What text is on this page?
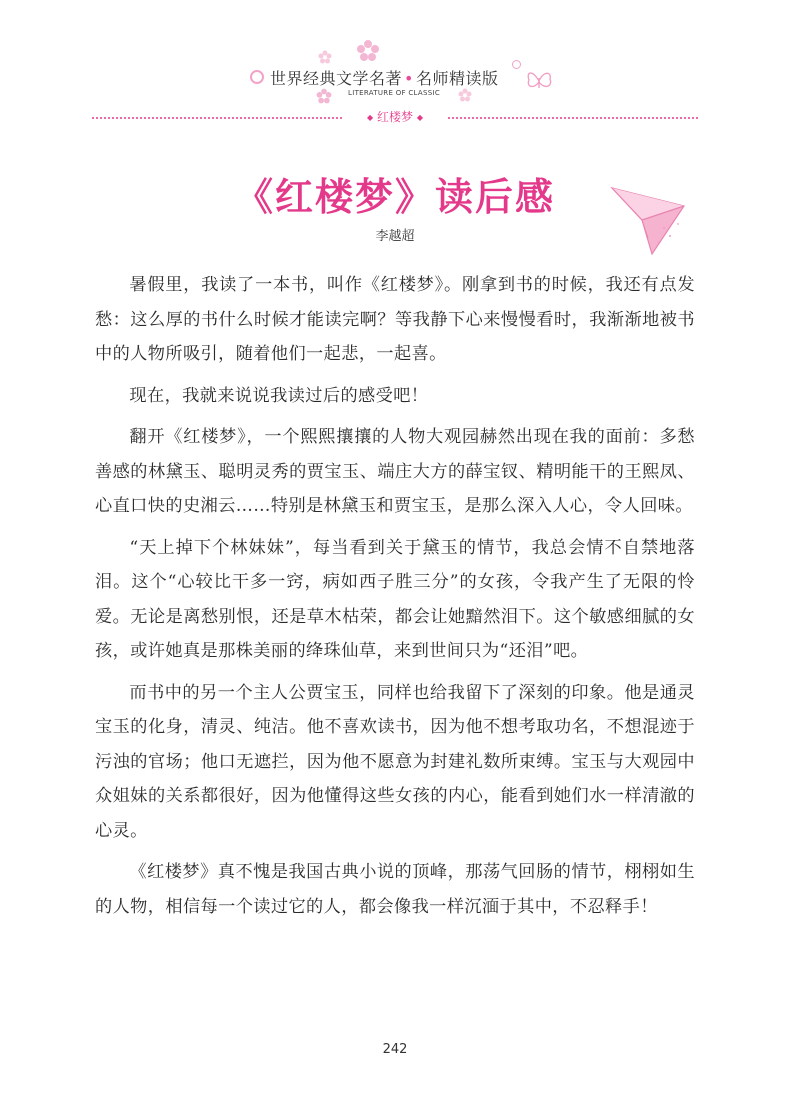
世界经典文学名著 • 名师精读版
LITERATURE OF CLASSIC
◆ 红楼梦 ◆
《红楼梦》读后感
李越超

暑假里，我读了一本书，叫作《红楼梦》。刚拿到书的时候，我还有点发愁：这么厚的书什么时候才能读完啊？等我静下心来慢慢看时，我渐渐地被书中的人物所吸引，随着他们一起悲，一起喜。

现在，我就来说说我读过后的感受吧！

翻开《红楼梦》，一个熙熙攘攘的人物大观园赫然出现在我的面前：多愁善感的林黛玉、聪明灵秀的贾宝玉、端庄大方的薛宝钗、精明能干的王熙凤、心直口快的史湘云……特别是林黛玉和贾宝玉，是那么深入人心，令人回味。

“天上掉下个林妹妹”，每当看到关于黛玉的情节，我总会情不自禁地落泪。这个“心较比干多一窍，病如西子胜三分”的女孩，令我产生了无限的怜爱。无论是离愁别恨，还是草木枯荣，都会让她黯然泪下。这个敏感细腻的女孩，或许她真是那株美丽的绛珠仙草，来到世间只为“还泪”吧。

而书中的另一个主人公贾宝玉，同样也给我留下了深刻的印象。他是通灵宝玉的化身，清灵、纯洁。他不喜欢读书，因为他不想考取功名，不想混迹于污浊的官场；他口无遮拦，因为他不愿意为封建礼数所束缚。宝玉与大观园中众姐妹的关系都很好，因为他懂得这些女孩的内心，能看到她们水一样清澈的心灵。

《红楼梦》真不愧是我国古典小说的顶峰，那荡气回肠的情节，栩栩如生的人物，相信每一个读过它的人，都会像我一样沉湎于其中，不忍释手！

242
